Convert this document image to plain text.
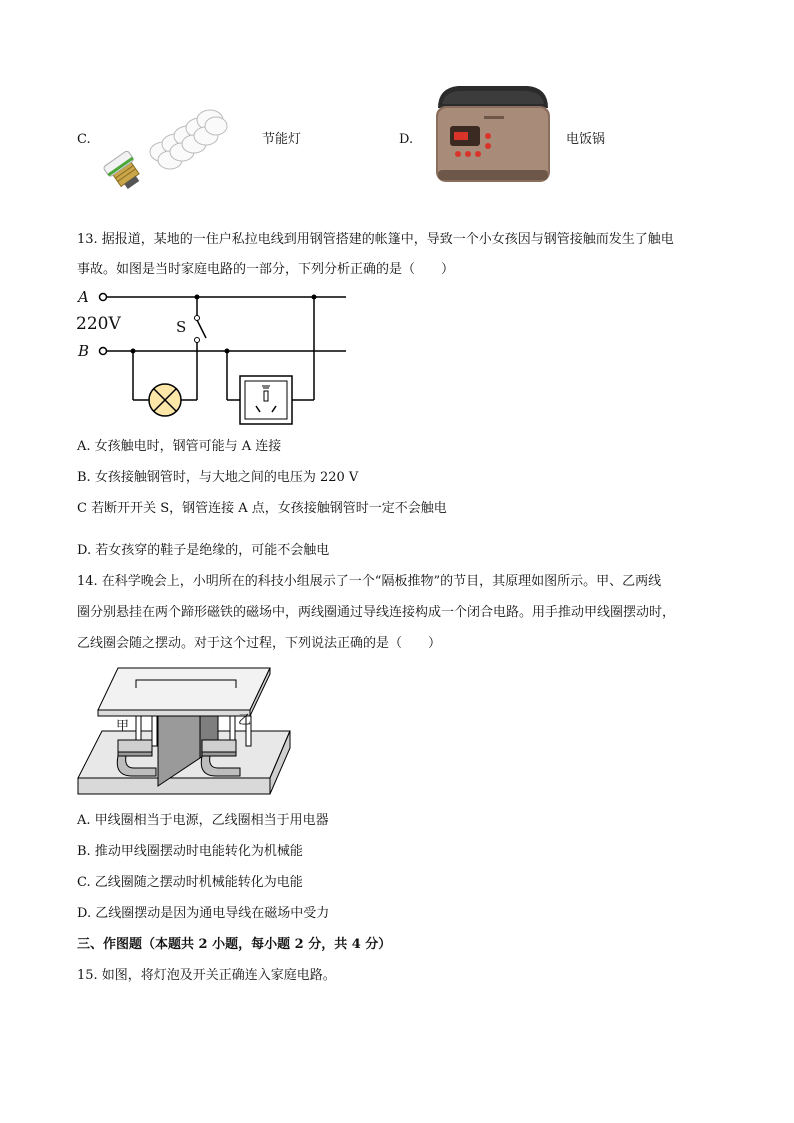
C.	节能灯	D.	电饭锅
13. 据报道，某地的一住户私拉电线到用钢管搭建的帐篷中，导致一个小女孩因与钢管接触而发生了触电
事故。如图是当时家庭电路的一部分，下列分析正确的是（　　）
A
220V
B
S
A. 女孩触电时，钢管可能与 A 连接
B. 女孩接触钢管时，与大地之间的电压为 220 V
C 若断开开关 S，钢管连接 A 点，女孩接触钢管时一定不会触电
D. 若女孩穿的鞋子是绝缘的，可能不会触电
14. 在科学晚会上，小明所在的科技小组展示了一个“隔板推物”的节目，其原理如图所示。甲、乙两线
圈分别悬挂在两个蹄形磁铁的磁场中，两线圈通过导线连接构成一个闭合电路。用手推动甲线圈摆动时，
乙线圈会随之摆动。对于这个过程，下列说法正确的是（　　）
甲	乙
A. 甲线圈相当于电源，乙线圈相当于用电器
B. 推动甲线圈摆动时电能转化为机械能
C. 乙线圈随之摆动时机械能转化为电能
D. 乙线圈摆动是因为通电导线在磁场中受力
三、作图题（本题共 2 小题，每小题 2 分，共 4 分）
15. 如图，将灯泡及开关正确连入家庭电路。
